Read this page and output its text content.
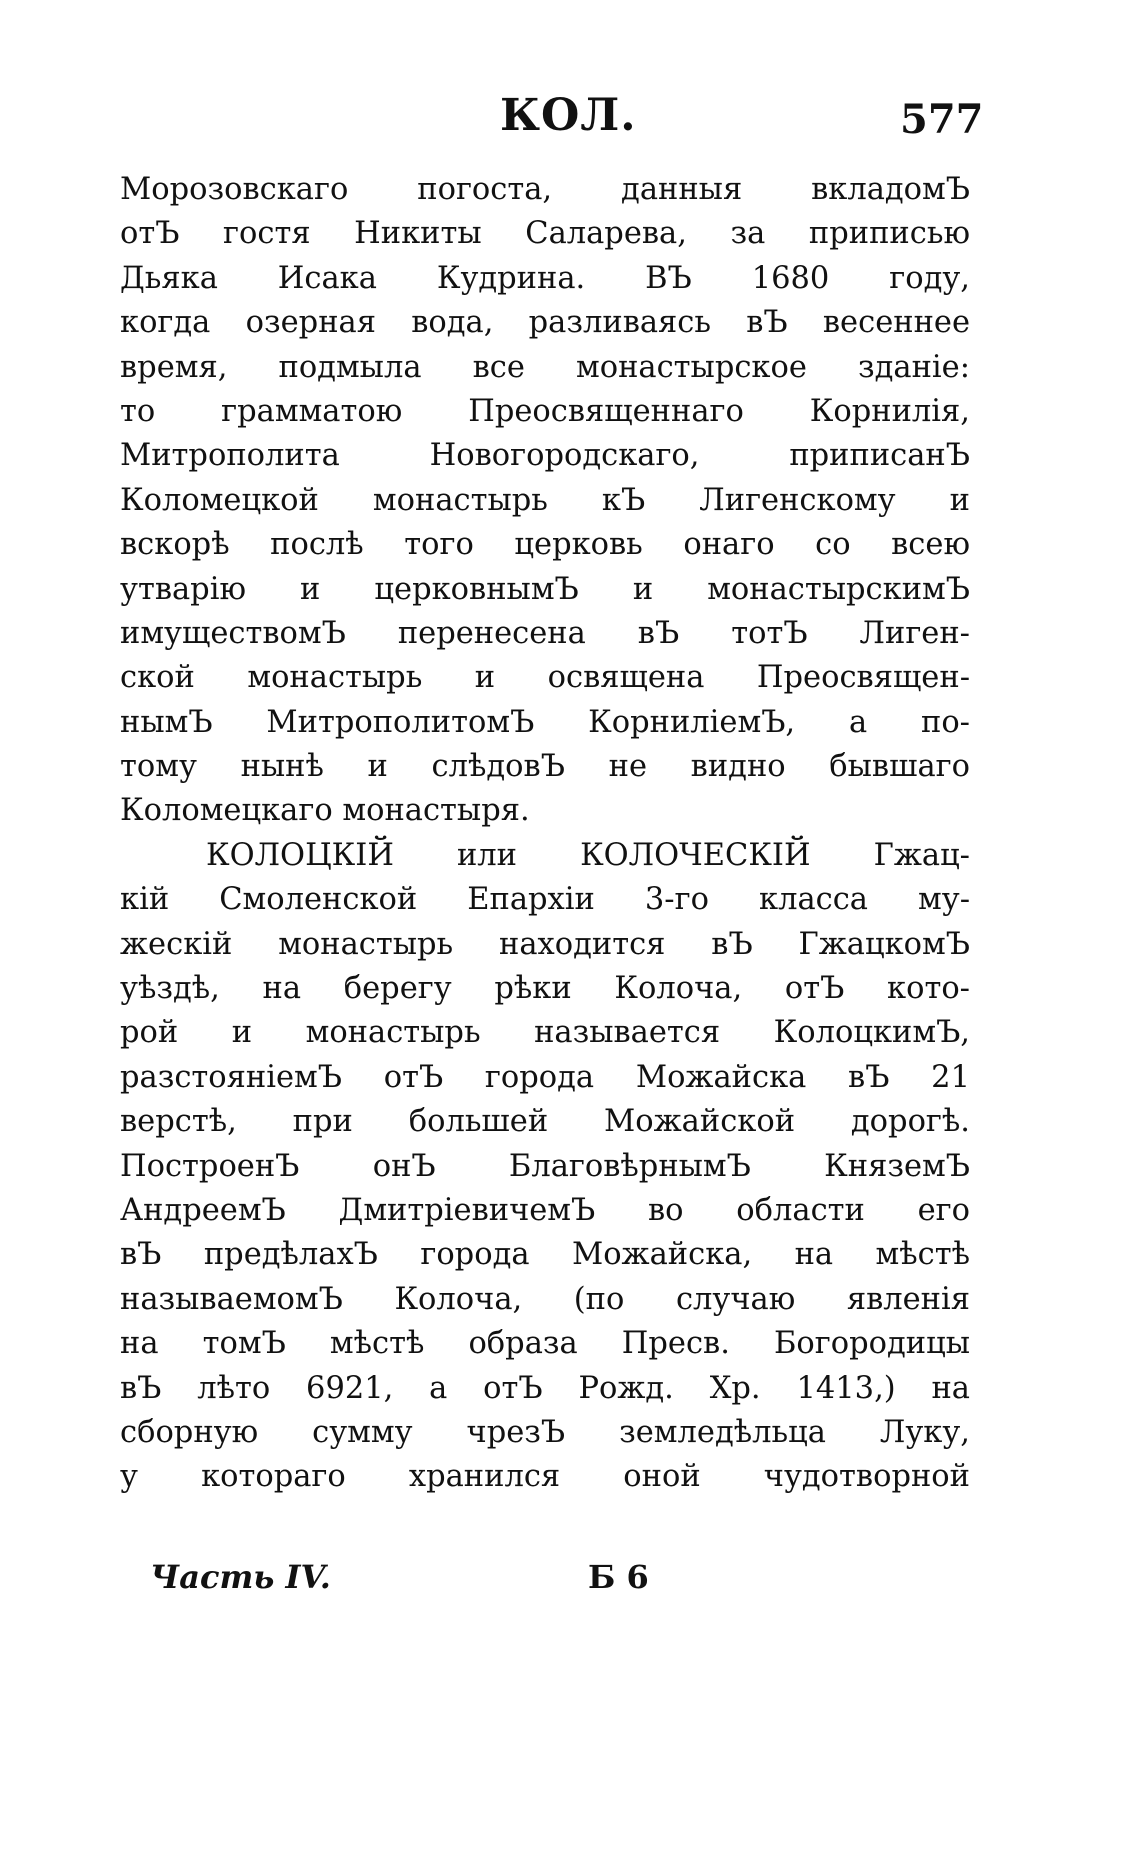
КОЛ.	577
Морозовскаго погоста, данныя вкладомЪ
отЪ гостя Никиты Саларева, за приписью
Дьяка Исака Кудрина. ВЪ 1680 году,
когда озерная вода, разливаясь вЪ весеннее
время, подмыла все монастырское зданіе:
то грамматою Преосвященнаго Корнилія,
Митрополита Новогородскаго, приписанЪ
Коломецкой монастырь кЪ Лигенскому и
вскорѣ послѣ того церковь онаго со всею
утварію и церковнымЪ и монастырскимЪ
имуществомЪ перенесена вЪ тотЪ Лиген-
ской монастырь и освящена Преосвящен-
нымЪ МитрополитомЪ КорниліемЪ, а по-
тому нынѣ и слѣдовЪ не видно бывшаго
Коломецкаго монастыря.
КОЛОЦКІЙ или КОЛОЧЕСКІЙ Гжац-
кій Смоленской Епархіи 3-го класса му-
жескій монастырь находится вЪ ГжацкомЪ
уѣздѣ, на берегу рѣки Колоча, отЪ кото-
рой и монастырь называется КолоцкимЪ,
разстояніемЪ отЪ города Можайска вЪ 21
верстѣ, при большей Можайской дорогѣ.
ПостроенЪ онЪ БлаговѣрнымЪ КняземЪ
АндреемЪ ДмитріевичемЪ во области его
вЪ предѣлахЪ города Можайска, на мѣстѣ
называемомЪ Колоча, (по случаю явленія
на томЪ мѣстѣ образа Пресв. Богородицы
вЪ лѣто 6921, а отЪ Рожд. Хр. 1413,) на
сборную сумму чрезЪ земледѣльца Луку,
у котораго хранился оной чудотворной
Часть IV.	Б 6
